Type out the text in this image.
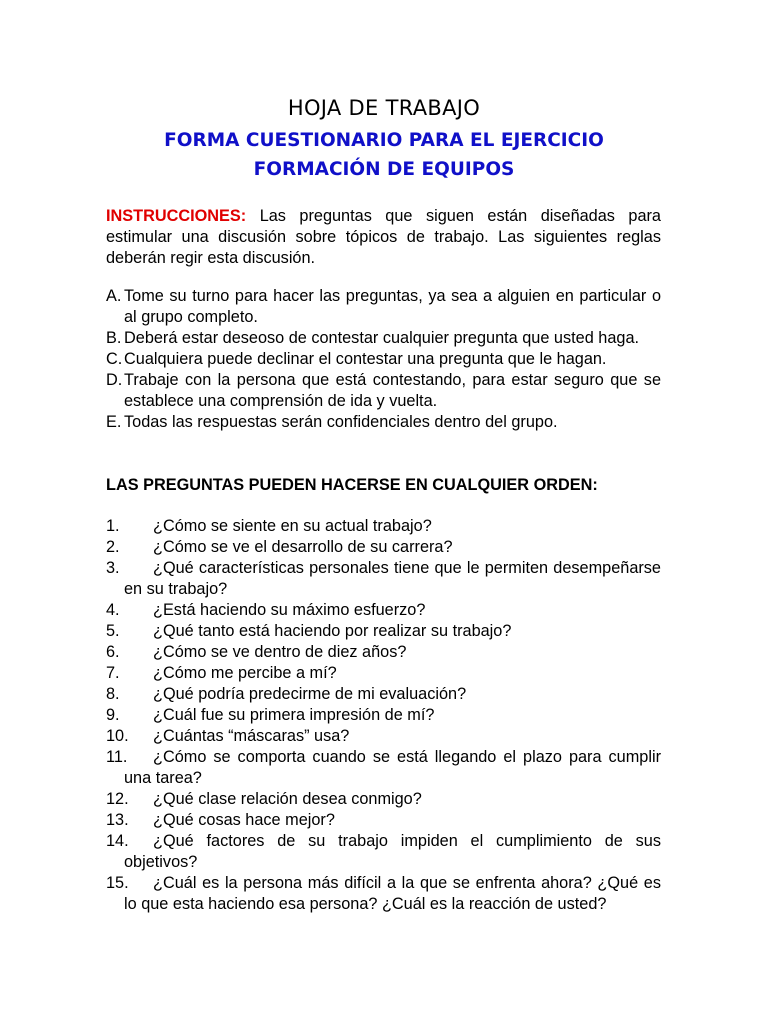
HOJA DE TRABAJO
FORMA CUESTIONARIO PARA EL EJERCICIO
FORMACIÓN DE EQUIPOS
INSTRUCCIONES: Las preguntas que siguen están diseñadas para estimular una discusión sobre tópicos de trabajo. Las siguientes reglas deberán regir esta discusión.
A. Tome su turno para hacer las preguntas, ya sea a alguien en particular o al grupo completo.
B. Deberá estar deseoso de contestar cualquier pregunta que usted haga.
C. Cualquiera puede declinar el contestar una pregunta que le hagan.
D. Trabaje con la persona que está contestando, para estar seguro que se establece una comprensión de ida y vuelta.
E. Todas las respuestas serán confidenciales dentro del grupo.
LAS PREGUNTAS PUEDEN HACERSE EN CUALQUIER ORDEN:
1. ¿Cómo se siente en su actual trabajo?
2. ¿Cómo se ve el desarrollo de su carrera?
3. ¿Qué características personales tiene que le permiten desempeñarse en su trabajo?
4. ¿Está haciendo su máximo esfuerzo?
5. ¿Qué tanto está haciendo por realizar su trabajo?
6. ¿Cómo se ve dentro de diez años?
7. ¿Cómo me percibe a mí?
8. ¿Qué podría predecirme de mi evaluación?
9. ¿Cuál fue su primera impresión de mí?
10. ¿Cuántas “máscaras” usa?
11. ¿Cómo se comporta cuando se está llegando el plazo para cumplir una tarea?
12. ¿Qué clase relación desea conmigo?
13. ¿Qué cosas hace mejor?
14. ¿Qué factores de su trabajo impiden el cumplimiento de sus objetivos?
15. ¿Cuál es la persona más difícil a la que se enfrenta ahora? ¿Qué es lo que esta haciendo esa persona? ¿Cuál es la reacción de usted?
